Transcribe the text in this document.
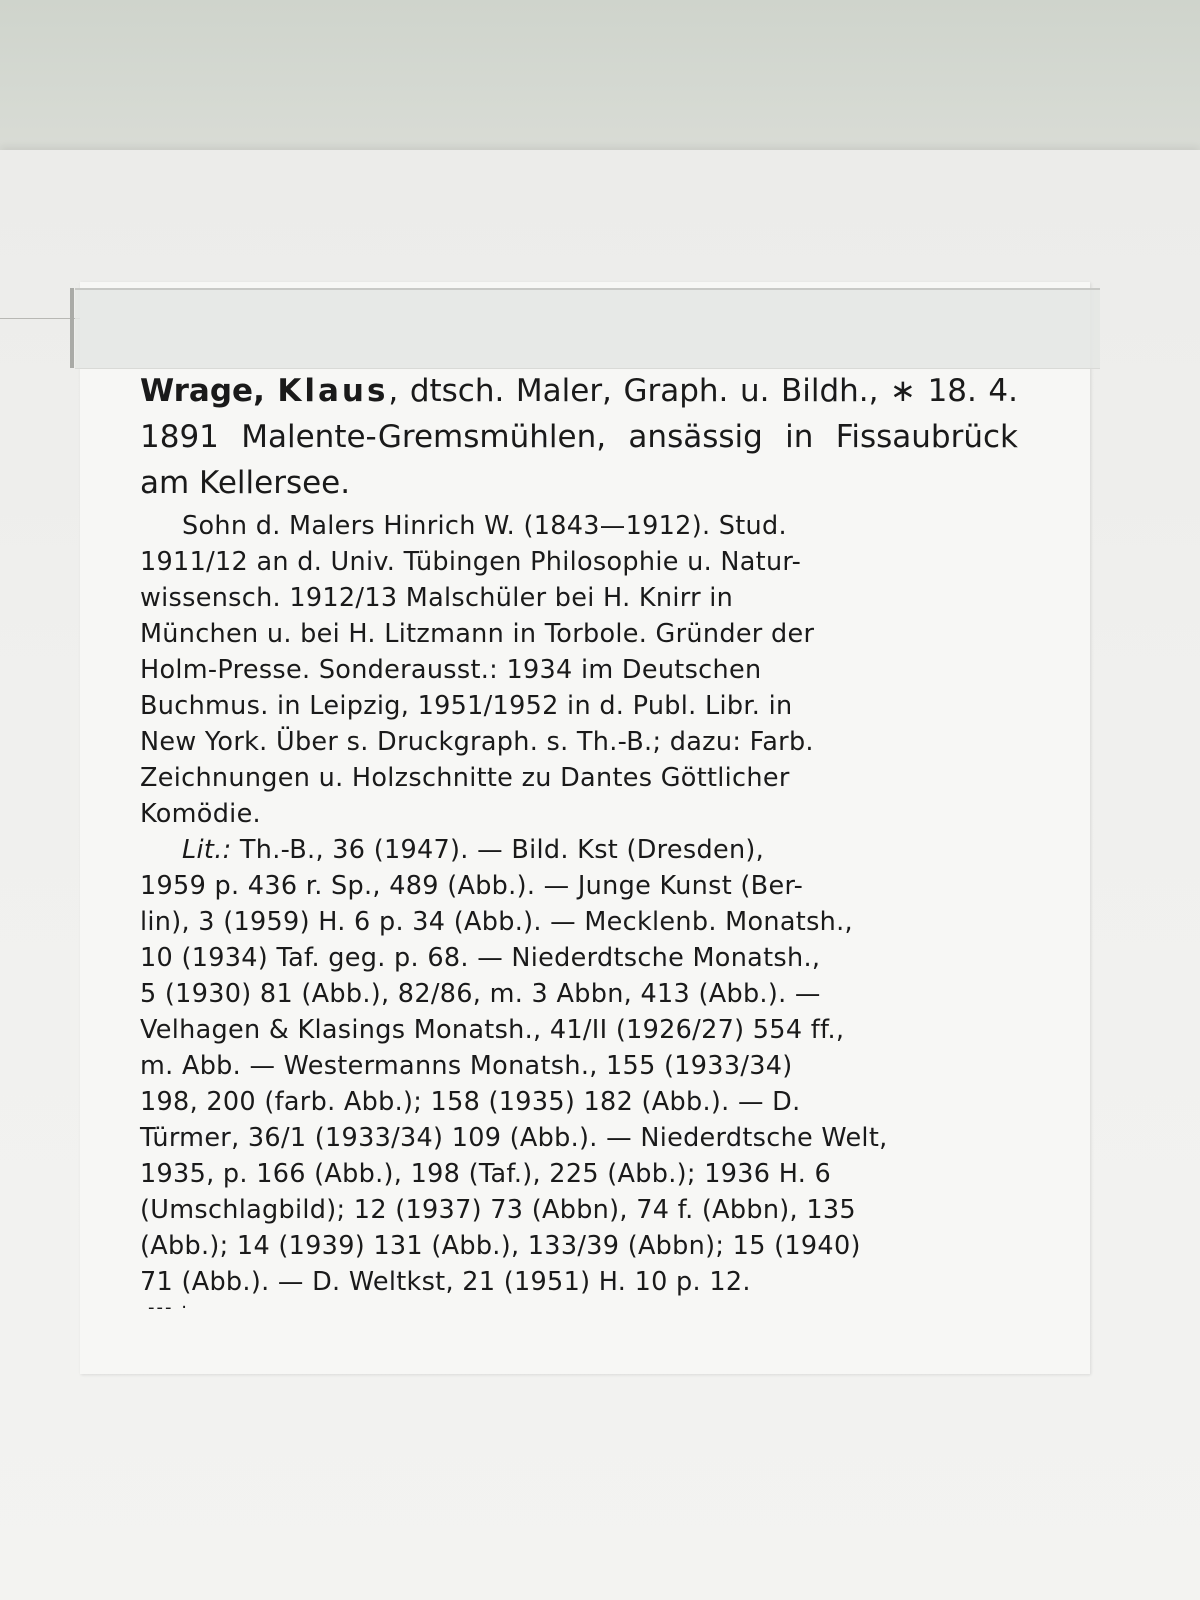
Wrage, Klaus, dtsch. Maler, Graph. u. Bildh., ∗ 18. 4. 1891 Malente-Gremsmühlen, ansässig in Fissaubrück am Kellersee.

Sohn d. Malers Hinrich W. (1843—1912). Stud.

1911/12 an d. Univ. Tübingen Philosophie u. Natur-

wissensch. 1912/13 Malschüler bei H. Knirr in

München u. bei H. Litzmann in Torbole. Gründer der

Holm-Presse. Sonderausst.: 1934 im Deutschen

Buchmus. in Leipzig, 1951/1952 in d. Publ. Libr. in

New York. Über s. Druckgraph. s. Th.-B.; dazu: Farb.

Zeichnungen u. Holzschnitte zu Dantes Göttlicher

Komödie.

Lit.: Th.-B., 36 (1947). — Bild. Kst (Dresden),

1959 p. 436 r. Sp., 489 (Abb.). — Junge Kunst (Ber-

lin), 3 (1959) H. 6 p. 34 (Abb.). — Mecklenb. Monatsh.,

10 (1934) Taf. geg. p. 68. — Niederdtsche Monatsh.,

5 (1930) 81 (Abb.), 82/86, m. 3 Abbn, 413 (Abb.). —

Velhagen & Klasings Monatsh., 41/II (1926/27) 554 ff.,

m. Abb. — Westermanns Monatsh., 155 (1933/34)

198, 200 (farb. Abb.); 158 (1935) 182 (Abb.). — D.

Türmer, 36/1 (1933/34) 109 (Abb.). — Niederdtsche Welt,

1935, p. 166 (Abb.), 198 (Taf.), 225 (Abb.); 1936 H. 6

(Umschlagbild); 12 (1937) 73 (Abbn), 74 f. (Abbn), 135

(Abb.); 14 (1939) 131 (Abb.), 133/39 (Abbn); 15 (1940)

71 (Abb.). — D. Weltkst, 21 (1951) H. 10 p. 12.

--- ·
